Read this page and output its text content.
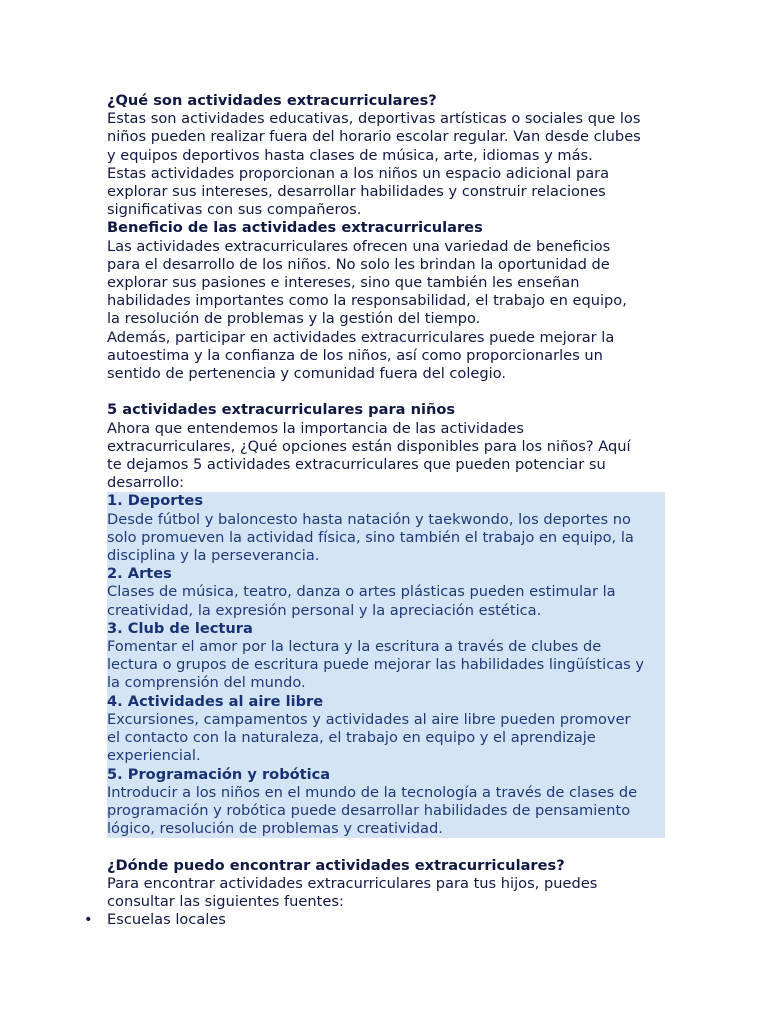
¿Qué son actividades extracurriculares?
Estas son actividades educativas, deportivas artísticas o sociales que los
niños pueden realizar fuera del horario escolar regular. Van desde clubes
y equipos deportivos hasta clases de música, arte, idiomas y más.
Estas actividades proporcionan a los niños un espacio adicional para
explorar sus intereses, desarrollar habilidades y construir relaciones
significativas con sus compañeros.
Beneficio de las actividades extracurriculares
Las actividades extracurriculares ofrecen una variedad de beneficios
para el desarrollo de los niños. No solo les brindan la oportunidad de
explorar sus pasiones e intereses, sino que también les enseñan
habilidades importantes como la responsabilidad, el trabajo en equipo,
la resolución de problemas y la gestión del tiempo.
Además, participar en actividades extracurriculares puede mejorar la
autoestima y la confianza de los niños, así como proporcionarles un
sentido de pertenencia y comunidad fuera del colegio.
5 actividades extracurriculares para niños
Ahora que entendemos la importancia de las actividades
extracurriculares, ¿Qué opciones están disponibles para los niños? Aquí
te dejamos 5 actividades extracurriculares que pueden potenciar su
desarrollo:
1. Deportes
Desde fútbol y baloncesto hasta natación y taekwondo, los deportes no
solo promueven la actividad física, sino también el trabajo en equipo, la
disciplina y la perseverancia.
2. Artes
Clases de música, teatro, danza o artes plásticas pueden estimular la
creatividad, la expresión personal y la apreciación estética.
3. Club de lectura
Fomentar el amor por la lectura y la escritura a través de clubes de
lectura o grupos de escritura puede mejorar las habilidades lingüísticas y
la comprensión del mundo.
4. Actividades al aire libre
Excursiones, campamentos y actividades al aire libre pueden promover
el contacto con la naturaleza, el trabajo en equipo y el aprendizaje
experiencial.
5. Programación y robótica
Introducir a los niños en el mundo de la tecnología a través de clases de
programación y robótica puede desarrollar habilidades de pensamiento
lógico, resolución de problemas y creatividad.
¿Dónde puedo encontrar actividades extracurriculares?
Para encontrar actividades extracurriculares para tus hijos, puedes
consultar las siguientes fuentes:
• Escuelas locales
